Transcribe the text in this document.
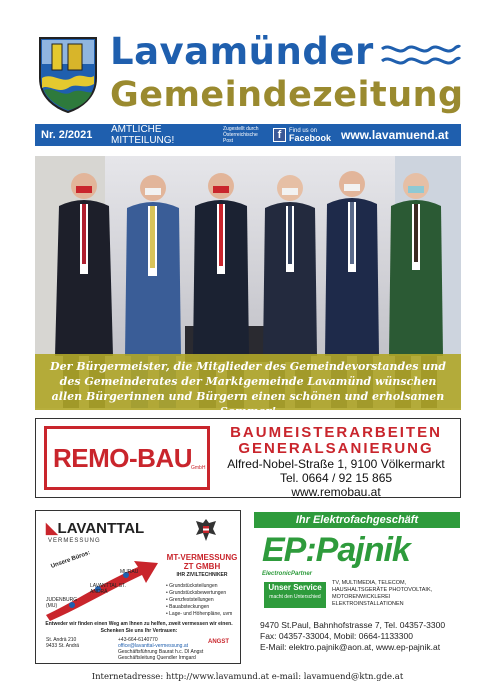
Lavamünder
Gemeindezeitung
Nr. 2/2021	AMTLICHE MITTEILUNG!
Zugestellt durch Österreichische Post	f	Find us on
Facebook www.lavamuend.at
Der Bürgermeister, die Mitglieder des Gemeindevorstandes und des Gemeinderates der Marktgemeinde Lavamünd wünschen allen Bürgerinnen und Bürgern einen schönen und erholsamen Sommer!
REMO-BAU GmbH
BAUMEISTERARBEITEN
GENERALSANIERUNG
Alfred-Nobel-Straße 1, 9100 Völkermarkt
Tel. 0664 / 92 15 865
www.remobau.at
◣LAVANTTAL
VERMESSUNG
Unsere Büros:
MURAU
LAVANTTAL ST. ANDRÄ
JUDENBURG (MU)
MT-VERMESSUNG ZT GMBH
IHR ZIVILTECHNIKER
• Grundstücksteilungen
• Grundstücksbewertungen
• Grenzfeststellungen
• Bauabsteckungen
• Lage- und Höhenpläne, uvm
Entweder wir finden einen Weg am Ihnen zu helfen, zweit vermessen wir einen.
Schenken Sie uns Ihr Vertrauen:
St. Andrä 210
9433 St. Andrä
+43-664-6140770
office@lavanttal-vermessung.at
Geschäftsführung Baurat h.c. DI Angst
Geschäftsleitung Quendler Irmgard
ANGST
Ihr Elektrofachgeschäft
EP:Pajnik
ElectronicPartner
Unser Service
macht den Unterschied
TV, MULTIMEDIA, TELECOM, HAUSHALTSGERÄTE PHOTOVOLTAIK, MOTORENWICKLEREI ELEKTROINSTALLATIONEN
9470 St.Paul, Bahnhofstrasse 7, Tel. 04357-3300
Fax: 04357-33004, Mobil: 0664-1133300
E-Mail: elektro.pajnik@aon.at, www.ep-pajnik.at
Internetadresse: http://www.lavamund.at e-mail: lavamuend@ktn.gde.at
